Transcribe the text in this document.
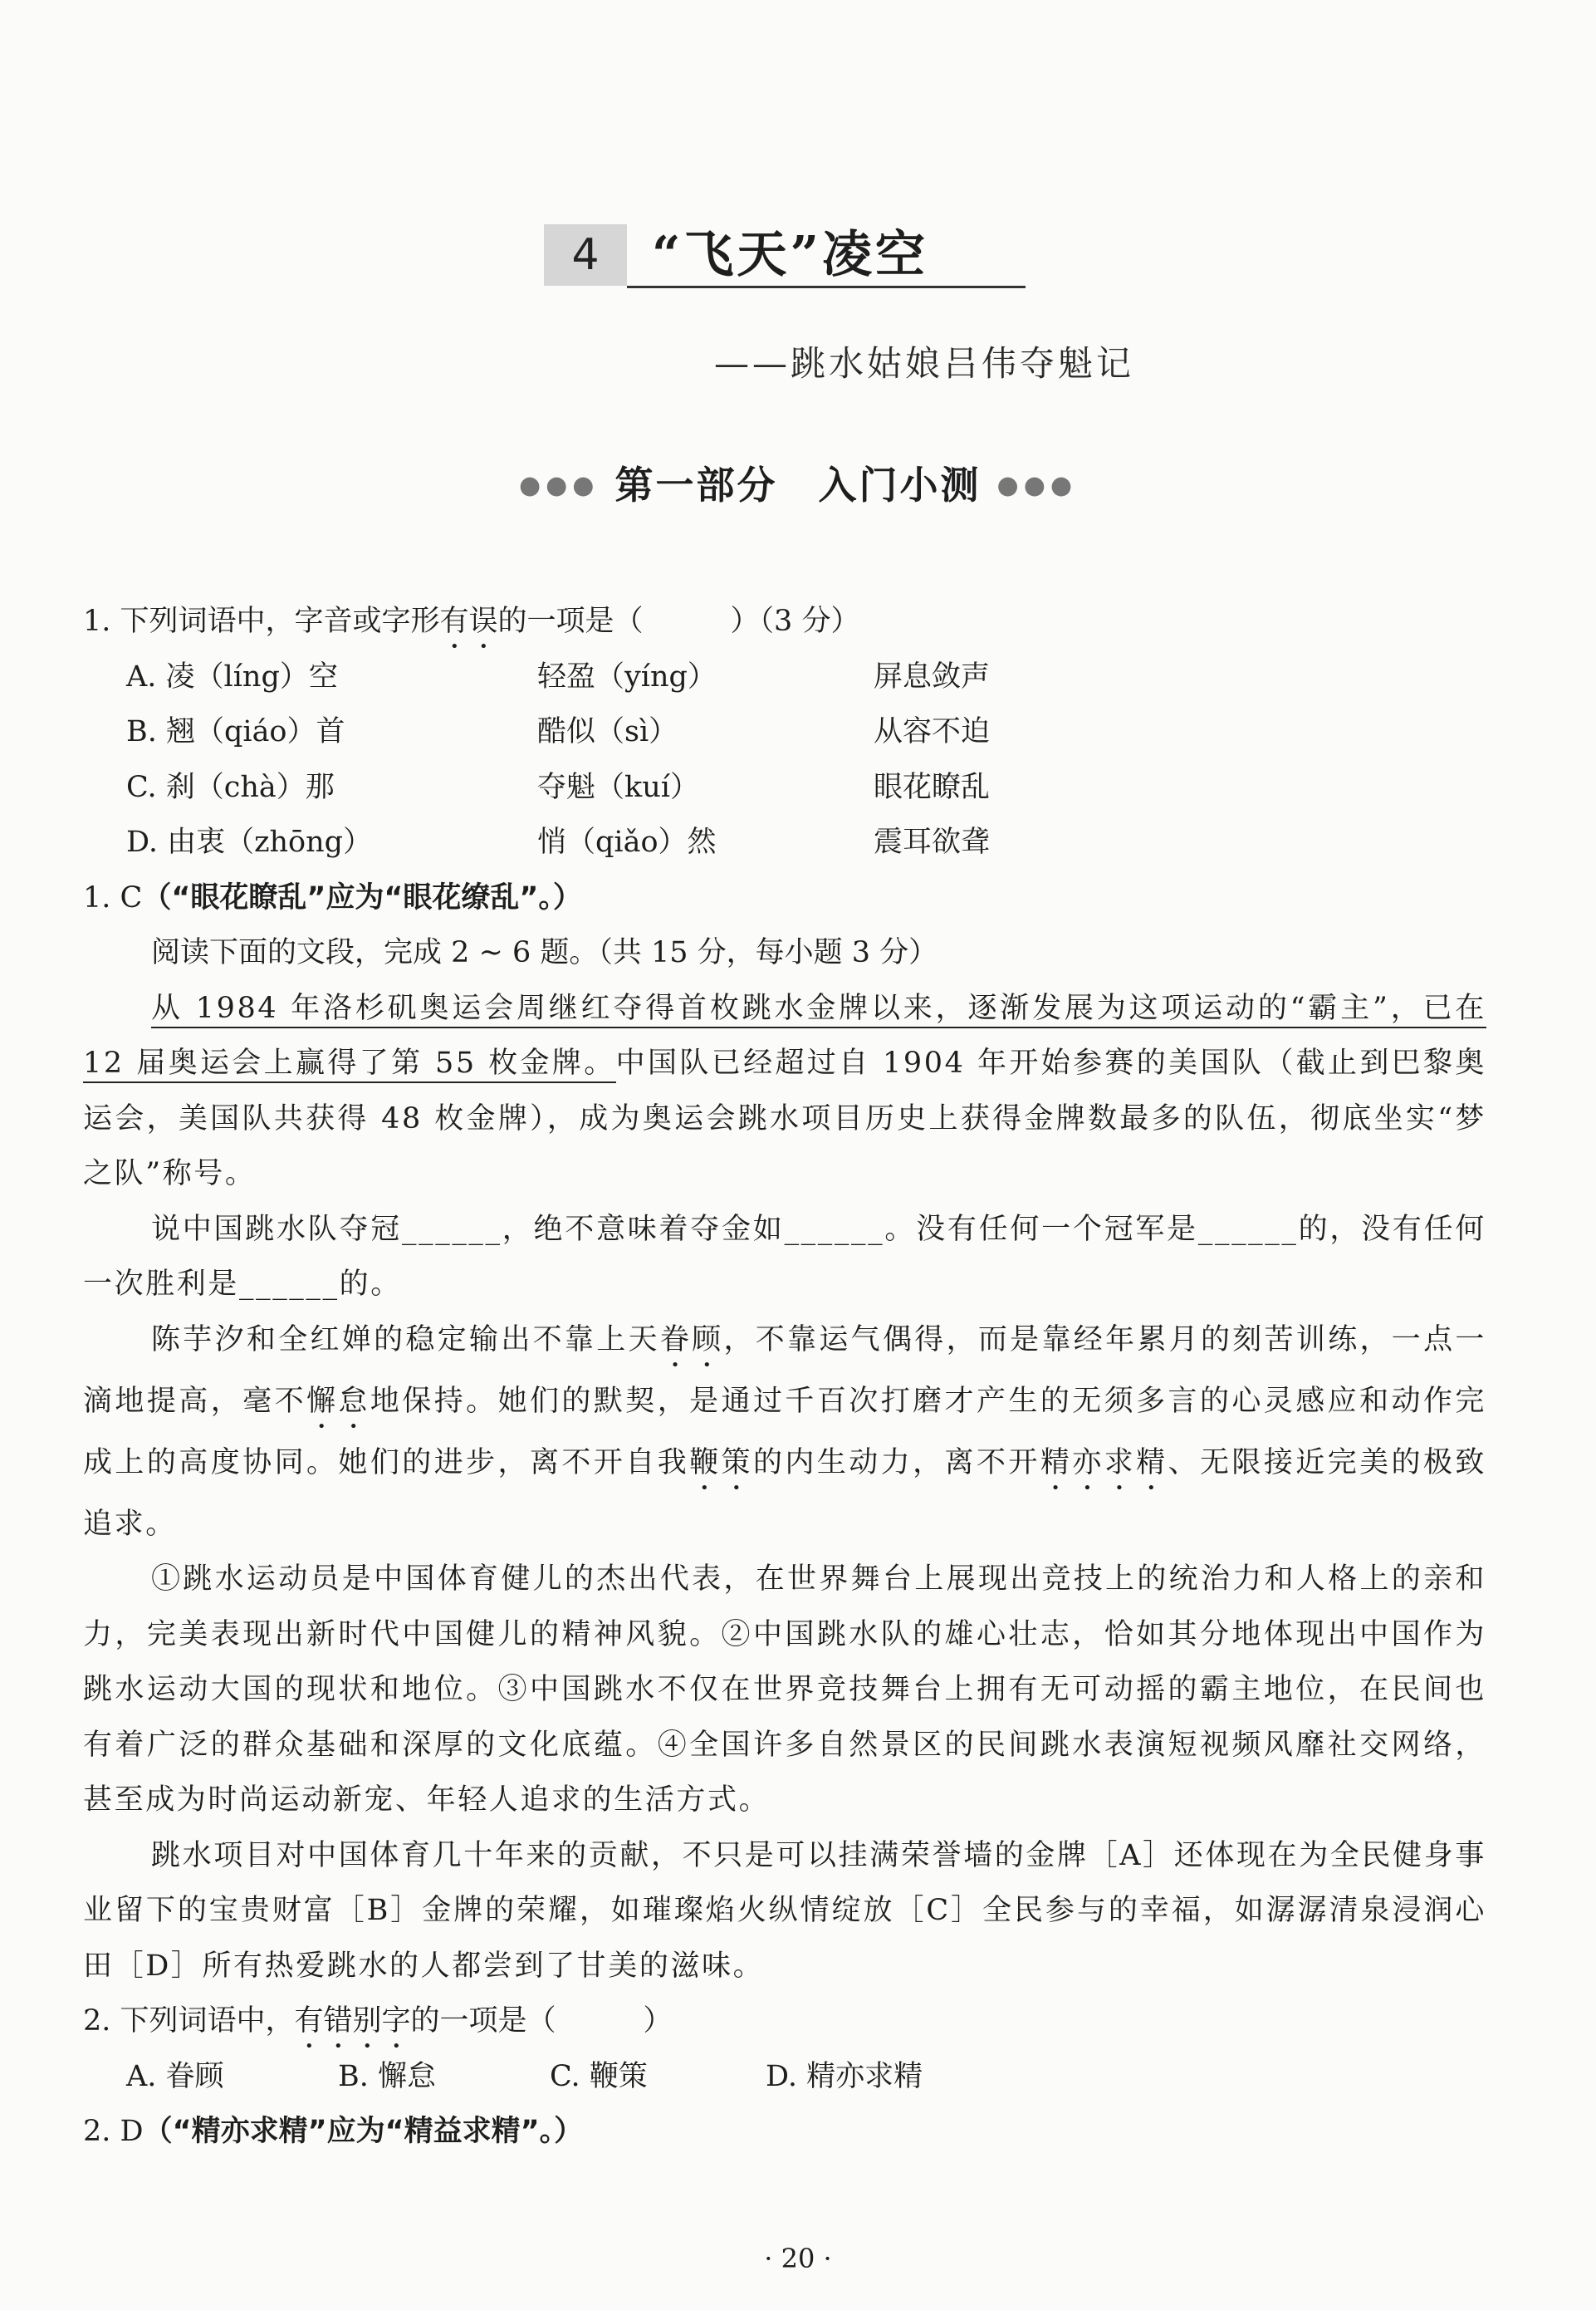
4	“飞天”凌空
——跳水姑娘吕伟夺魁记
●●● 第一部分　入门小测 ●●●
1. 下列词语中，字音或字形有误的一项是（　　　）（3 分）
A. 凌（líng）空	轻盈（yíng）	屏息敛声
B. 翘（qiáo）首	酷似（sì）	从容不迫
C. 刹（chà）那	夺魁（kuí）	眼花瞭乱
D. 由衷（zhōng）	悄（qiǎo）然	震耳欲聋
1. C（“眼花瞭乱”应为“眼花缭乱”。）
阅读下面的文段，完成 2 ~ 6 题。（共 15 分，每小题 3 分）
从 1984 年洛杉矶奥运会周继红夺得首枚跳水金牌以来，逐渐发展为这项运动的“霸主”，已在 12 届奥运会上赢得了第 55 枚金牌。中国队已经超过自 1904 年开始参赛的美国队（截止到巴黎奥运会，美国队共获得 48 枚金牌），成为奥运会跳水项目历史上获得金牌数最多的队伍，彻底坐实“梦之队”称号。
说中国跳水队夺冠______，绝不意味着夺金如______。没有任何一个冠军是______的，没有任何一次胜利是______的。
陈芋汐和全红婵的稳定输出不靠上天眷顾，不靠运气偶得，而是靠经年累月的刻苦训练，一点一滴地提高，毫不懈怠地保持。她们的默契，是通过千百次打磨才产生的无须多言的心灵感应和动作完成上的高度协同。她们的进步，离不开自我鞭策的内生动力，离不开精亦求精、无限接近完美的极致追求。
①跳水运动员是中国体育健儿的杰出代表，在世界舞台上展现出竞技上的统治力和人格上的亲和力，完美表现出新时代中国健儿的精神风貌。②中国跳水队的雄心壮志，恰如其分地体现出中国作为跳水运动大国的现状和地位。③中国跳水不仅在世界竞技舞台上拥有无可动摇的霸主地位，在民间也有着广泛的群众基础和深厚的文化底蕴。④全国许多自然景区的民间跳水表演短视频风靡社交网络，甚至成为时尚运动新宠、年轻人追求的生活方式。
跳水项目对中国体育几十年来的贡献，不只是可以挂满荣誉墙的金牌［A］还体现在为全民健身事业留下的宝贵财富［B］金牌的荣耀，如璀璨焰火纵情绽放［C］全民参与的幸福，如潺潺清泉浸润心田［D］所有热爱跳水的人都尝到了甘美的滋味。
2. 下列词语中，有错别字的一项是（　　　）
A. 眷顾	B. 懈怠	C. 鞭策	D. 精亦求精
2. D（“精亦求精”应为“精益求精”。）
· 20 ·
